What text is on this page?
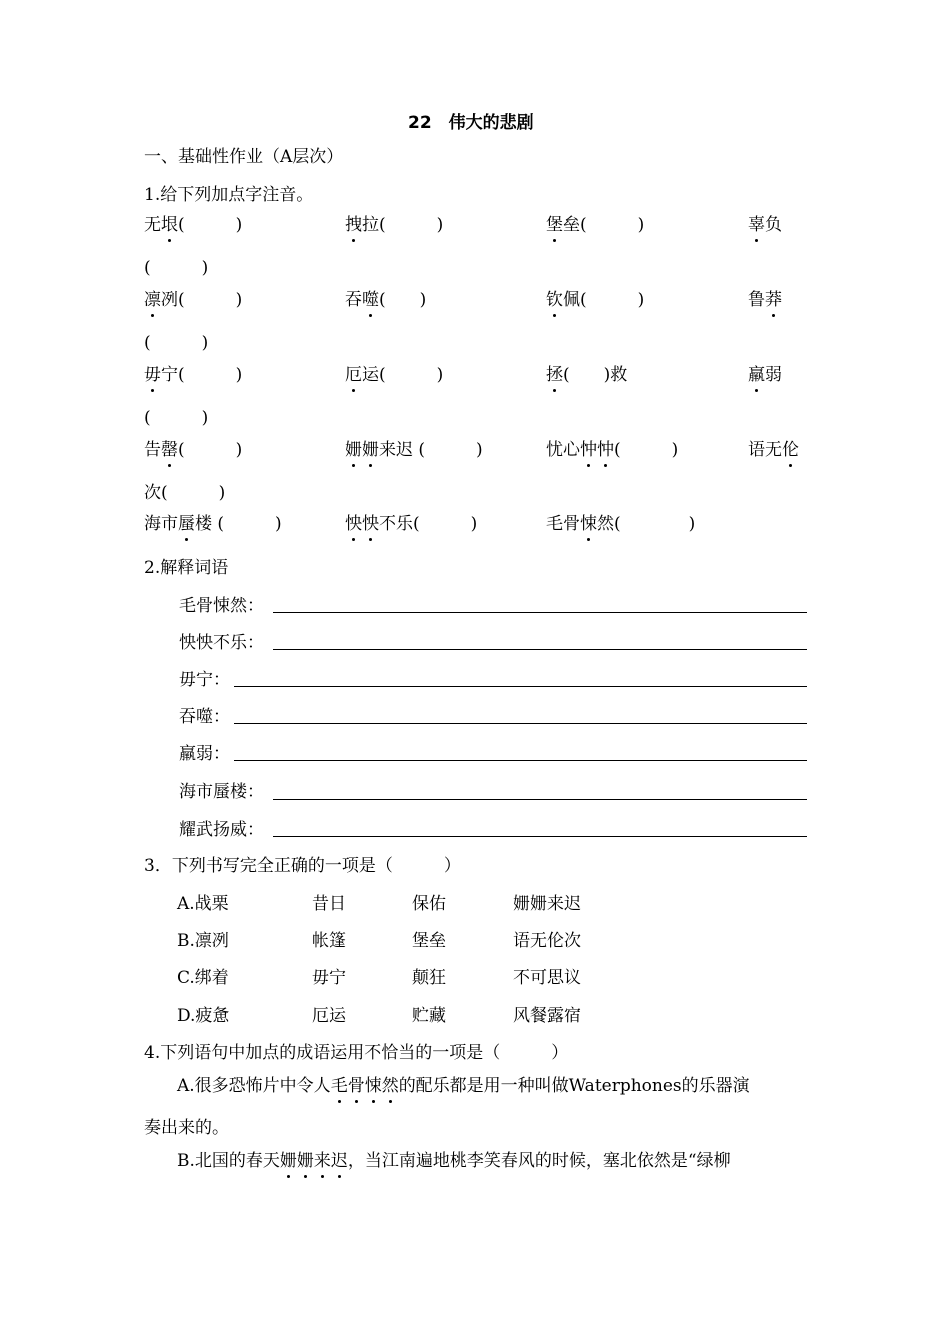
22　伟大的悲剧
一、基础性作业（A层次）
1.给下列加点字注音。
无垠(　　　)	拽拉(　　　)	堡垒(　　　)	辜负
(　　　)
凛冽(　　　)	吞噬(　　)	钦佩(　　　)	鲁莽
(　　　)
毋宁(　　　)	厄运(　　　)	拯(　　)救	羸弱
(　　　)
告罄(　　　)	姗姗来迟 (　　　)	忧心忡忡(　　　)	语无伦
次(　　　)
海市蜃楼 (　　　)	怏怏不乐(　　　)	毛骨悚然(　　　　)
2.解释词语
毛骨悚然：
怏怏不乐：
毋宁：
吞噬：
羸弱：
海市蜃楼：
耀武扬威：
3．下列书写完全正确的一项是（　　　）
A.战栗	昔日	保佑	姗姗来迟
B.凛冽	帐篷	堡垒	语无伦次
C.绑着	毋宁	颠狂	不可思议
D.疲惫	厄运	贮藏	风餐露宿
4.下列语句中加点的成语运用不恰当的一项是（　　　）
A.很多恐怖片中令人毛骨悚然的配乐都是用一种叫做Waterphones的乐器演
奏出来的。
B.北国的春天姗姗来迟，当江南遍地桃李笑春风的时候，塞北依然是“绿柳
